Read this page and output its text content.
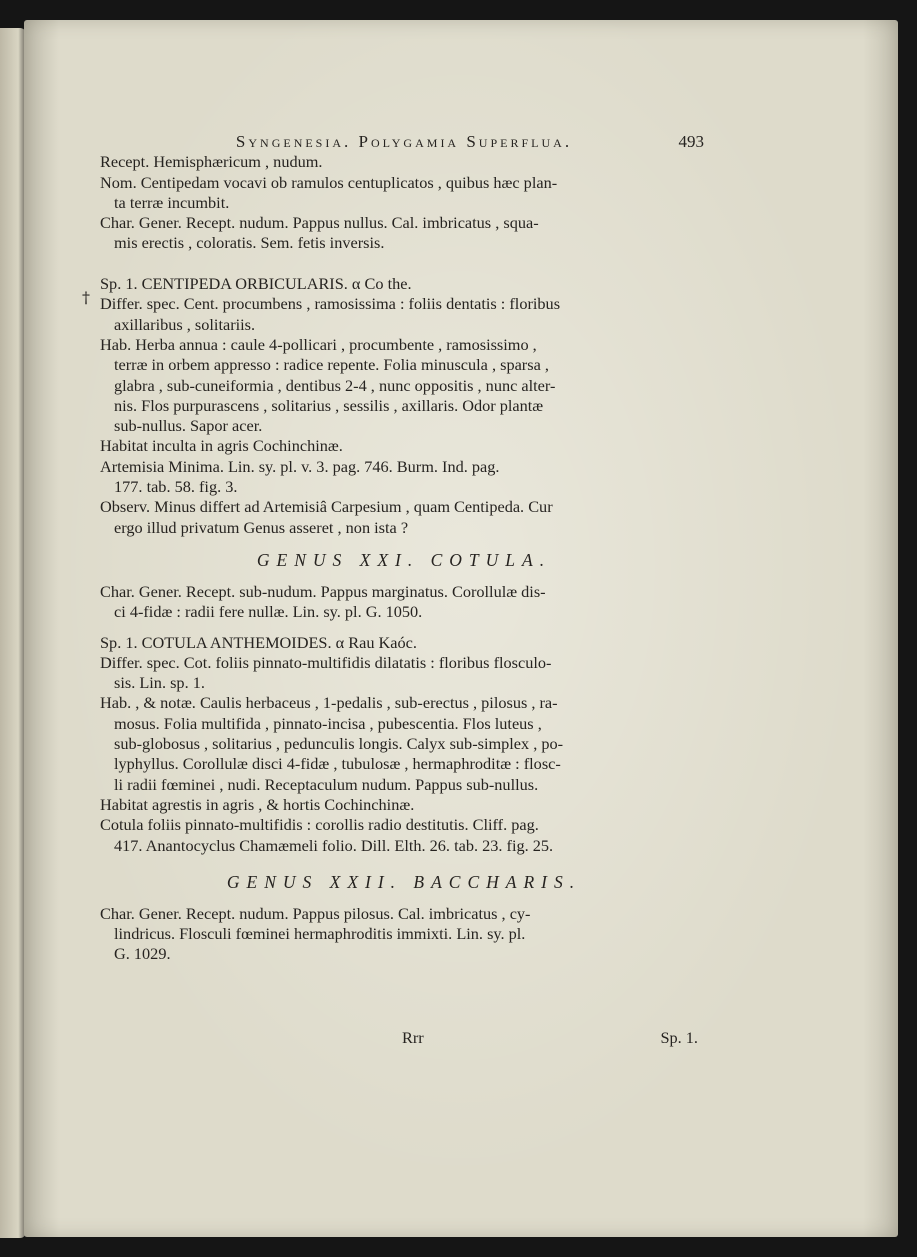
†
Syngenesia. Polygamia Superflua.	493
Recept. Hemisphæricum , nudum.
Nom. Centipedam vocavi ob ramulos centuplicatos , quibus hæc plan-
ta terræ incumbit.
Char. Gener. Recept. nudum. Pappus nullus. Cal. imbricatus , squa-
mis erectis , coloratis. Sem. fetis inversis.
Sp. 1. CENTIPEDA ORBICULARIS. α Co the.
Differ. spec. Cent. procumbens , ramosissima : foliis dentatis : floribus
axillaribus , solitariis.
Hab. Herba annua : caule 4-pollicari , procumbente , ramosissimo ,
terræ in orbem appresso : radice repente. Folia minuscula , sparsa ,
glabra , sub-cuneiformia , dentibus 2-4 , nunc oppositis , nunc alter-
nis. Flos purpurascens , solitarius , sessilis , axillaris. Odor plantæ
sub-nullus. Sapor acer.
Habitat inculta in agris Cochinchinæ.
Artemisia Minima. Lin. sy. pl. v. 3. pag. 746. Burm. Ind. pag.
177. tab. 58. fig. 3.
Observ. Minus differt ad Artemisiâ Carpesium , quam Centipeda. Cur
ergo illud privatum Genus asseret , non ista ?
GENUS XXI. COTULA.
Char. Gener. Recept. sub-nudum. Pappus marginatus. Corollulæ dis-
ci 4-fidæ : radii fere nullæ. Lin. sy. pl. G. 1050.
Sp. 1. COTULA ANTHEMOIDES. α Rau Kaóc.
Differ. spec. Cot. foliis pinnato-multifidis dilatatis : floribus flosculo-
sis. Lin. sp. 1.
Hab. , & notæ. Caulis herbaceus , 1-pedalis , sub-erectus , pilosus , ra-
mosus. Folia multifida , pinnato-incisa , pubescentia. Flos luteus ,
sub-globosus , solitarius , pedunculis longis. Calyx sub-simplex , po-
lyphyllus. Corollulæ disci 4-fidæ , tubulosæ , hermaphroditæ : flosc-
li radii fœminei , nudi. Receptaculum nudum. Pappus sub-nullus.
Habitat agrestis in agris , & hortis Cochinchinæ.
Cotula foliis pinnato-multifidis : corollis radio destitutis. Cliff. pag.
417. Anantocyclus Chamæmeli folio. Dill. Elth. 26. tab. 23. fig. 25.
GENUS XXII. BACCHARIS.
Char. Gener. Recept. nudum. Pappus pilosus. Cal. imbricatus , cy-
lindricus. Flosculi fœminei hermaphroditis immixti. Lin. sy. pl.
G. 1029.
Rrr	Sp. 1.
